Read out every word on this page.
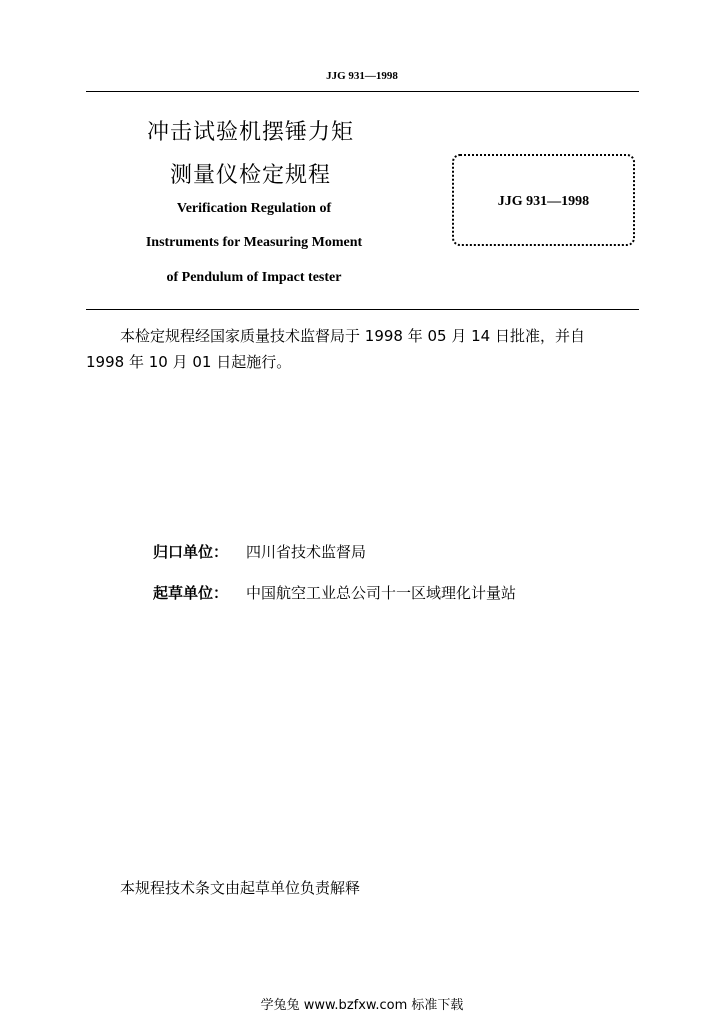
JJG 931—1998
冲击试验机摆锤力矩
测量仪检定规程
Verification Regulation of
Instruments for Measuring Moment
of Pendulum of Impact tester
JJG 931—1998
本检定规程经国家质量技术监督局于 1998 年 05 月 14 日批准，并自
1998 年 10 月 01 日起施行。
归口单位： 四川省技术监督局
起草单位： 中国航空工业总公司十一区域理化计量站
本规程技术条文由起草单位负责解释
学兔兔 www.bzfxw.com 标准下载
